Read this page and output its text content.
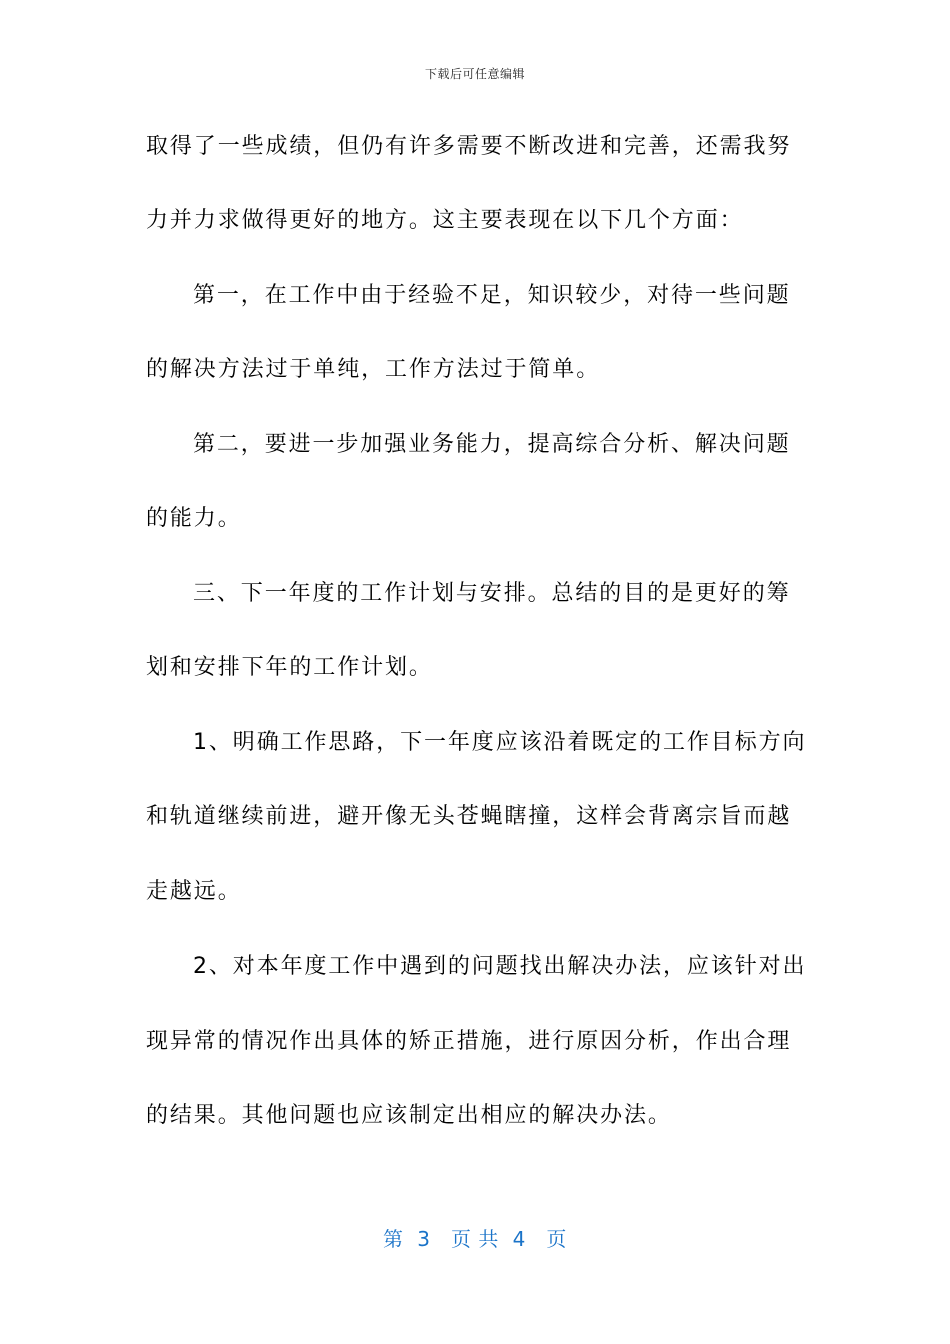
下载后可任意编辑
取得了一些成绩，但仍有许多需要不断改进和完善，还需我努
力并力求做得更好的地方。这主要表现在以下几个方面：
第一，在工作中由于经验不足，知识较少，对待一些问题
的解决方法过于单纯，工作方法过于简单。
第二，要进一步加强业务能力，提高综合分析、解决问题
的能力。
三、下一年度的工作计划与安排。总结的目的是更好的筹
划和安排下年的工作计划。
1、明确工作思路，下一年度应该沿着既定的工作目标方向
和轨道继续前进，避开像无头苍蝇瞎撞，这样会背离宗旨而越
走越远。
2、对本年度工作中遇到的问题找出解决办法，应该针对出
现异常的情况作出具体的矫正措施，进行原因分析，作出合理
的结果。其他问题也应该制定出相应的解决办法。
第  3   页 共  4   页
